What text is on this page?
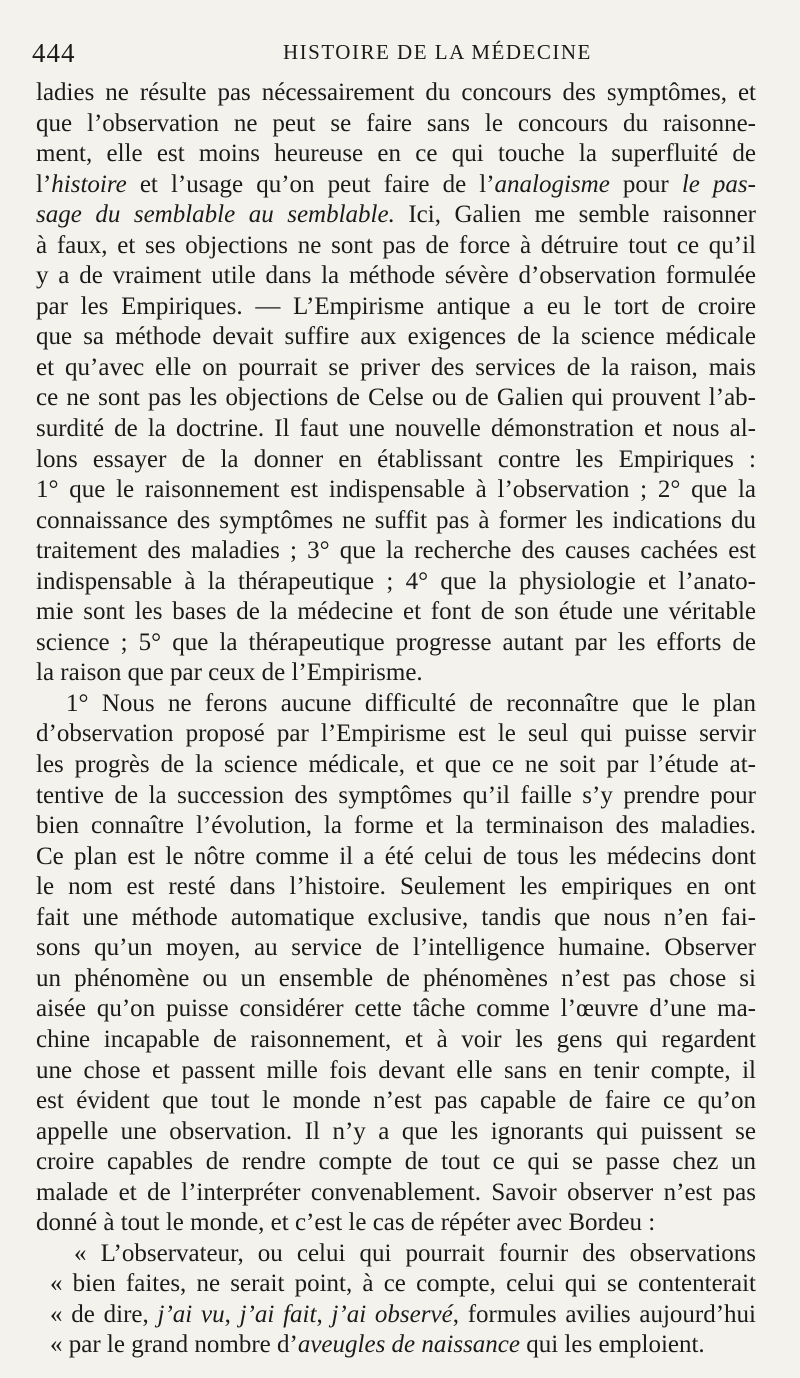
444	HISTOIRE DE LA MÉDECINE
ladies ne résulte pas nécessairement du concours des symptômes, et
que l’observation ne peut se faire sans le concours du raisonne-
ment, elle est moins heureuse en ce qui touche la superfluité de
l’histoire et l’usage qu’on peut faire de l’analogisme pour le pas-
sage du semblable au semblable. Ici, Galien me semble raisonner
à faux, et ses objections ne sont pas de force à détruire tout ce qu’il
y a de vraiment utile dans la méthode sévère d’observation formulée
par les Empiriques. — L’Empirisme antique a eu le tort de croire
que sa méthode devait suffire aux exigences de la science médicale
et qu’avec elle on pourrait se priver des services de la raison, mais
ce ne sont pas les objections de Celse ou de Galien qui prouvent l’ab-
surdité de la doctrine. Il faut une nouvelle démonstration et nous al-
lons essayer de la donner en établissant contre les Empiriques :
1° que le raisonnement est indispensable à l’observation ; 2° que la
connaissance des symptômes ne suffit pas à former les indications du
traitement des maladies ; 3° que la recherche des causes cachées est
indispensable à la thérapeutique ; 4° que la physiologie et l’anato-
mie sont les bases de la médecine et font de son étude une véritable
science ; 5° que la thérapeutique progresse autant par les efforts de
la raison que par ceux de l’Empirisme.
1° Nous ne ferons aucune difficulté de reconnaître que le plan
d’observation proposé par l’Empirisme est le seul qui puisse servir
les progrès de la science médicale, et que ce ne soit par l’étude at-
tentive de la succession des symptômes qu’il faille s’y prendre pour
bien connaître l’évolution, la forme et la terminaison des maladies.
Ce plan est le nôtre comme il a été celui de tous les médecins dont
le nom est resté dans l’histoire. Seulement les empiriques en ont
fait une méthode automatique exclusive, tandis que nous n’en fai-
sons qu’un moyen, au service de l’intelligence humaine. Observer
un phénomène ou un ensemble de phénomènes n’est pas chose si
aisée qu’on puisse considérer cette tâche comme l’œuvre d’une ma-
chine incapable de raisonnement, et à voir les gens qui regardent
une chose et passent mille fois devant elle sans en tenir compte, il
est évident que tout le monde n’est pas capable de faire ce qu’on
appelle une observation. Il n’y a que les ignorants qui puissent se
croire capables de rendre compte de tout ce qui se passe chez un
malade et de l’interpréter convenablement. Savoir observer n’est pas
donné à tout le monde, et c’est le cas de répéter avec Bordeu :
« L’observateur, ou celui qui pourrait fournir des observations
« bien faites, ne serait point, à ce compte, celui qui se contenterait
« de dire, j’ai vu, j’ai fait, j’ai observé, formules avilies aujourd’hui
« par le grand nombre d’aveugles de naissance qui les emploient.
